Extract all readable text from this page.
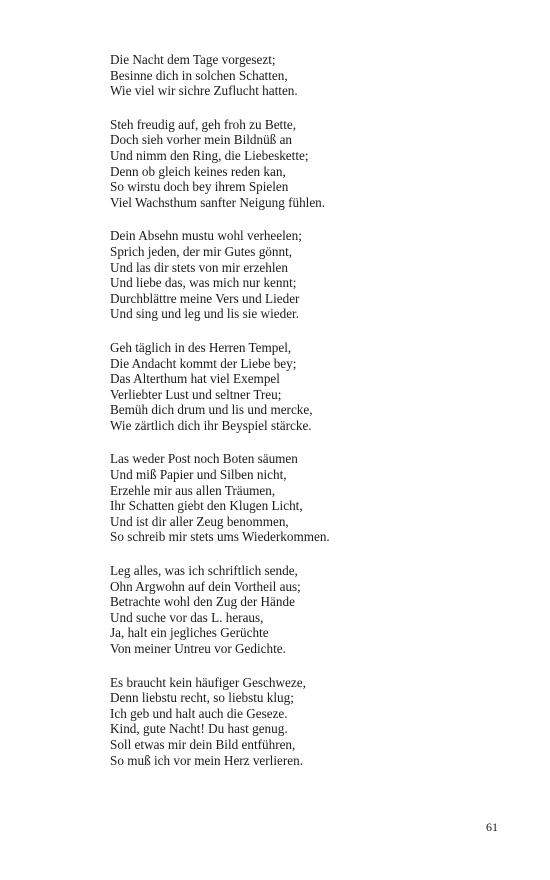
Die Nacht dem Tage vorgesezt;
Besinne dich in solchen Schatten,
Wie viel wir sichre Zuflucht hatten.
Steh freudig auf, geh froh zu Bette,
Doch sieh vorher mein Bildnüß an
Und nimm den Ring, die Liebeskette;
Denn ob gleich keines reden kan,
So wirstu doch bey ihrem Spielen
Viel Wachsthum sanfter Neigung fühlen.
Dein Absehn mustu wohl verheelen;
Sprich jeden, der mir Gutes gönnt,
Und las dir stets von mir erzehlen
Und liebe das, was mich nur kennt;
Durchblättre meine Vers und Lieder
Und sing und leg und lis sie wieder.
Geh täglich in des Herren Tempel,
Die Andacht kommt der Liebe bey;
Das Alterthum hat viel Exempel
Verliebter Lust und seltner Treu;
Bemüh dich drum und lis und mercke,
Wie zärtlich dich ihr Beyspiel stärcke.
Las weder Post noch Boten säumen
Und miß Papier und Silben nicht,
Erzehle mir aus allen Träumen,
Ihr Schatten giebt den Klugen Licht,
Und ist dir aller Zeug benommen,
So schreib mir stets ums Wiederkommen.
Leg alles, was ich schriftlich sende,
Ohn Argwohn auf dein Vortheil aus;
Betrachte wohl den Zug der Hände
Und suche vor das L. heraus,
Ja, halt ein jegliches Gerüchte
Von meiner Untreu vor Gedichte.
Es braucht kein häufiger Geschweze,
Denn liebstu recht, so liebstu klug;
Ich geb und halt auch die Geseze.
Kind, gute Nacht! Du hast genug.
Soll etwas mir dein Bild entführen,
So muß ich vor mein Herz verlieren.
61
